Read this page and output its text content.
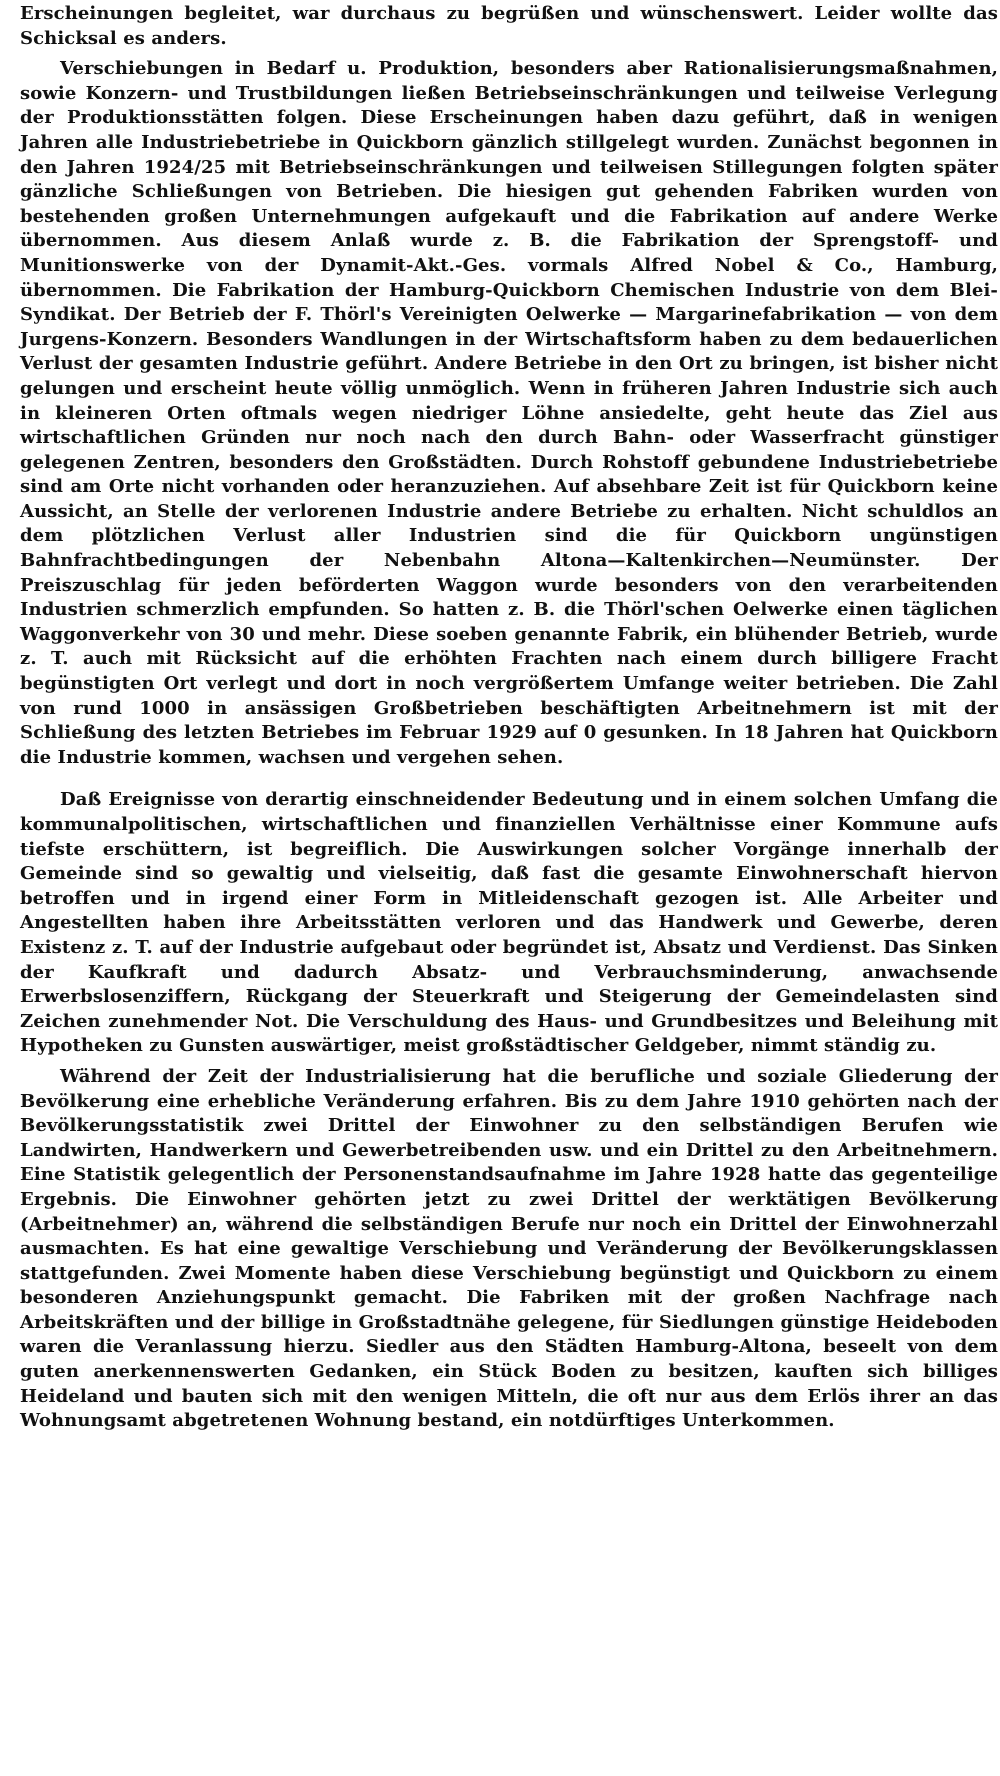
Erscheinungen begleitet, war durchaus zu begrüßen und wünschenswert. Leider wollte das Schicksal es anders.

Verschiebungen in Bedarf u. Produktion, besonders aber Rationalisierungsmaßnahmen, sowie Konzern- und Trustbildungen ließen Betriebseinschränkungen und teilweise Verlegung der Produktionsstätten folgen. Diese Erscheinungen haben dazu geführt, daß in wenigen Jahren alle Industriebetriebe in Quickborn gänzlich stillgelegt wurden. Zunächst begonnen in den Jahren 1924/25 mit Betriebseinschränkungen und teilweisen Stillegungen folgten später gänzliche Schließungen von Betrieben. Die hiesigen gut gehenden Fabriken wurden von bestehenden großen Unternehmungen aufgekauft und die Fabrikation auf andere Werke übernommen. Aus diesem Anlaß wurde z. B. die Fabrikation der Sprengstoff- und Munitionswerke von der Dynamit-Akt.-Ges. vormals Alfred Nobel & Co., Hamburg, übernommen. Die Fabrikation der Hamburg-Quickborn Chemischen Industrie von dem Blei-Syndikat. Der Betrieb der F. Thörl's Vereinigten Oelwerke — Margarinefabrikation — von dem Jurgens-Konzern. Besonders Wandlungen in der Wirtschaftsform haben zu dem bedauerlichen Verlust der gesamten Industrie geführt. Andere Betriebe in den Ort zu bringen, ist bisher nicht gelungen und erscheint heute völlig unmöglich. Wenn in früheren Jahren Industrie sich auch in kleineren Orten oftmals wegen niedriger Löhne ansiedelte, geht heute das Ziel aus wirtschaftlichen Gründen nur noch nach den durch Bahn- oder Wasserfracht günstiger gelegenen Zentren, besonders den Großstädten. Durch Rohstoff gebundene Industriebetriebe sind am Orte nicht vorhanden oder heranzuziehen. Auf absehbare Zeit ist für Quickborn keine Aussicht, an Stelle der verlorenen Industrie andere Betriebe zu erhalten. Nicht schuldlos an dem plötzlichen Verlust aller Industrien sind die für Quickborn ungünstigen Bahnfrachtbedingungen der Nebenbahn Altona—Kaltenkirchen—Neumünster. Der Preiszuschlag für jeden beförderten Waggon wurde besonders von den verarbeitenden Industrien schmerzlich empfunden. So hatten z. B. die Thörl'schen Oelwerke einen täglichen Waggonverkehr von 30 und mehr. Diese soeben genannte Fabrik, ein blühender Betrieb, wurde z. T. auch mit Rücksicht auf die erhöhten Frachten nach einem durch billigere Fracht begünstigten Ort verlegt und dort in noch vergrößertem Umfange weiter betrieben. Die Zahl von rund 1000 in ansässigen Großbetrieben beschäftigten Arbeitnehmern ist mit der Schließung des letzten Betriebes im Februar 1929 auf 0 gesunken. In 18 Jahren hat Quickborn die Industrie kommen, wachsen und vergehen sehen.

Daß Ereignisse von derartig einschneidender Bedeutung und in einem solchen Umfang die kommunalpolitischen, wirtschaftlichen und finanziellen Verhältnisse einer Kommune aufs tiefste erschüttern, ist begreiflich. Die Auswirkungen solcher Vorgänge innerhalb der Gemeinde sind so gewaltig und vielseitig, daß fast die gesamte Einwohnerschaft hiervon betroffen und in irgend einer Form in Mitleidenschaft gezogen ist. Alle Arbeiter und Angestellten haben ihre Arbeitsstätten verloren und das Handwerk und Gewerbe, deren Existenz z. T. auf der Industrie aufgebaut oder begründet ist, Absatz und Verdienst. Das Sinken der Kaufkraft und dadurch Absatz- und Verbrauchsminderung, anwachsende Erwerbslosenziffern, Rückgang der Steuerkraft und Steigerung der Gemeindelasten sind Zeichen zunehmender Not. Die Verschuldung des Haus- und Grundbesitzes und Beleihung mit Hypotheken zu Gunsten auswärtiger, meist großstädtischer Geldgeber, nimmt ständig zu.

Während der Zeit der Industrialisierung hat die berufliche und soziale Gliederung der Bevölkerung eine erhebliche Veränderung erfahren. Bis zu dem Jahre 1910 gehörten nach der Bevölkerungsstatistik zwei Drittel der Einwohner zu den selbständigen Berufen wie Landwirten, Handwerkern und Gewerbetreibenden usw. und ein Drittel zu den Arbeitnehmern. Eine Statistik gelegentlich der Personenstandsaufnahme im Jahre 1928 hatte das gegenteilige Ergebnis. Die Einwohner gehörten jetzt zu zwei Drittel der werktätigen Bevölkerung (Arbeitnehmer) an, während die selbständigen Berufe nur noch ein Drittel der Einwohnerzahl ausmachten. Es hat eine gewaltige Verschiebung und Veränderung der Bevölkerungsklassen stattgefunden. Zwei Momente haben diese Verschiebung begünstigt und Quickborn zu einem besonderen Anziehungspunkt gemacht. Die Fabriken mit der großen Nachfrage nach Arbeitskräften und der billige in Großstadtnähe gelegene, für Siedlungen günstige Heideboden waren die Veranlassung hierzu. Siedler aus den Städten Hamburg-Altona, beseelt von dem guten anerkennenswerten Gedanken, ein Stück Boden zu besitzen, kauften sich billiges Heideland und bauten sich mit den wenigen Mitteln, die oft nur aus dem Erlös ihrer an das Wohnungsamt abgetretenen Wohnung bestand, ein notdürftiges Unterkommen.
